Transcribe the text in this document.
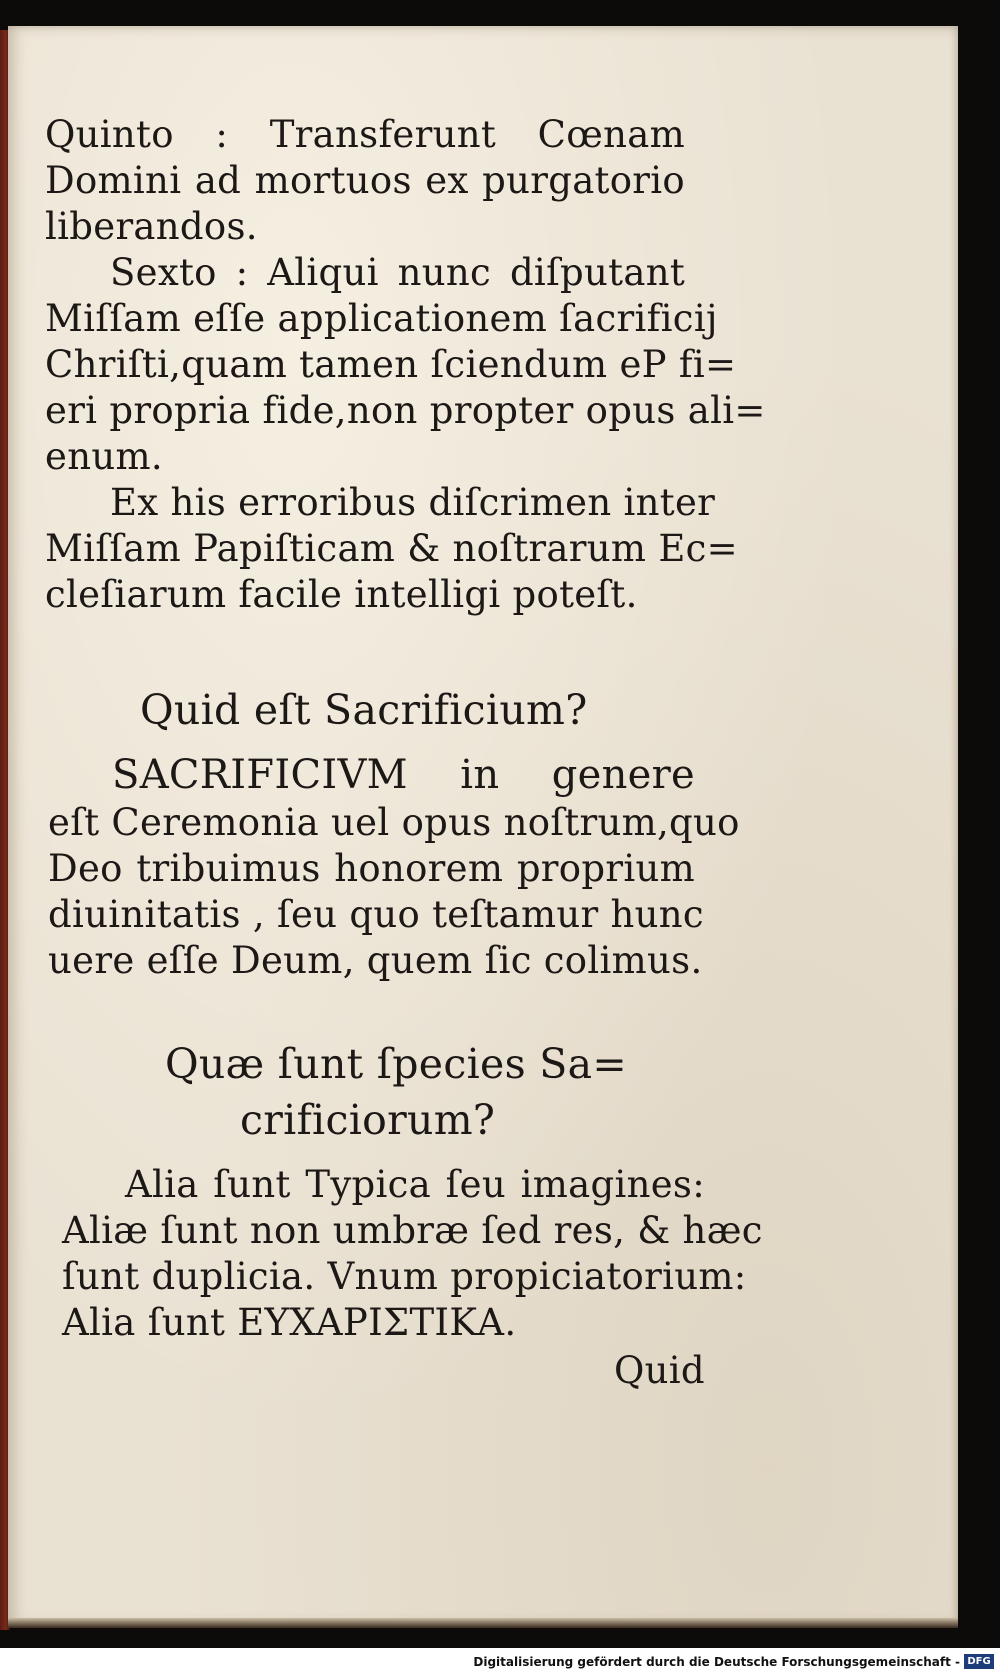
Quinto : Transferunt Cœnam
Domini ad mortuos ex purgatorio
liberandos.
Sexto : Aliqui nunc diſputant
Miſſam eſſe applicationem ſacrificij
Chriſti,quam tamen ſciendum eP fi=
eri propria fide,non propter opus ali=
enum.
Ex his erroribus diſcrimen inter
Miſſam Papiſticam & noſtrarum Ec=
cleſiarum facile intelligi poteſt.
Quid eſt Sacrificium?
SACRIFICIVM in genere
eſt Ceremonia uel opus noſtrum,quo
Deo tribuimus honorem proprium
diuinitatis , ſeu quo teſtamur hunc
uere eſſe Deum, quem ſic colimus.
Quæ ſunt ſpecies Sa=
crificiorum?
Alia ſunt Typica ſeu imagines:
Aliæ ſunt non umbræ ſed res, & hæc
ſunt duplicia. Vnum propiciatorium:
Alia ſunt ΕΥΧΑΡΙΣΤΙΚΑ.
Quid
Digitalisierung gefördert durch die Deutsche Forschungsgemeinschaft - DFG
